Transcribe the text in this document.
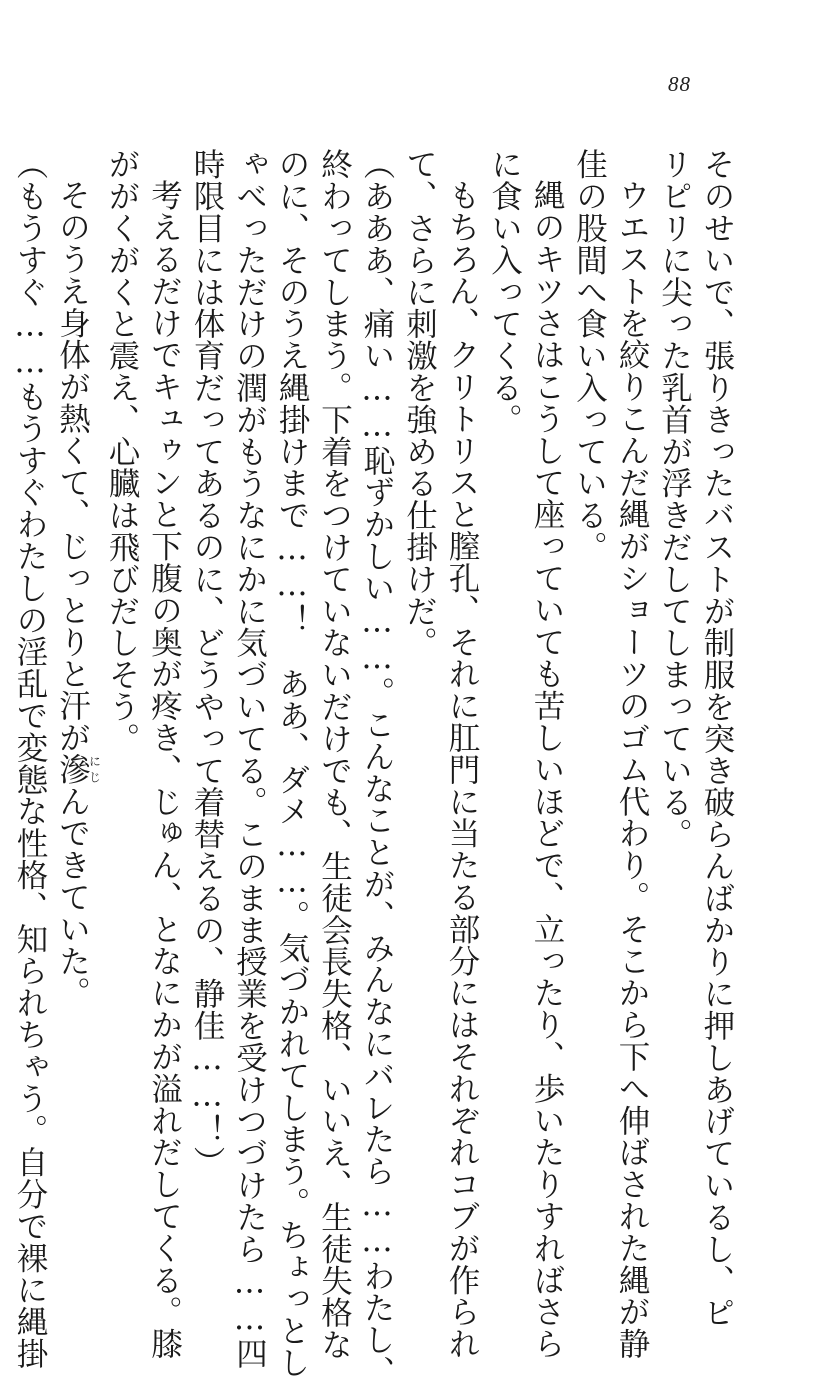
88

そのせいで、張りきったバストが制服を突き破らんばかりに押しあげているし、ピ

リピリに尖った乳首が浮きだしてしまっている。

ウエストを絞りこんだ縄がショーツのゴム代わり。そこから下へ伸ばされた縄が静

佳の股間へ食い入っている。

縄のキツさはこうして座っていても苦しいほどで、立ったり、歩いたりすればさら

に食い入ってくる。

もちろん、クリトリスと膣孔、それに肛門に当たる部分にはそれぞれコブが作られ

て、さらに刺激を強める仕掛けだ。

（あああ、痛い……恥ずかしい……。こんなことが、みんなにバレたら……わたし、

終わってしまう。下着をつけていないだけでも、生徒会長失格、いいえ、生徒失格な

のに、そのうえ縄掛けまで……！　ああ、ダメ……。気づかれてしまう。ちょっとし

ゃべっただけの潤がもうなにかに気づいてる。このまま授業を受けつづけたら……四

時限目には体育だってあるのに、どうやって着替えるの、静佳……！）

考えるだけでキュゥンと下腹の奥が疼き、じゅん、となにかが溢れだしてくる。膝

ががくがくと震え、心臓は飛びだしそう。

そのうえ身体が熱くて、じっとりと汗が滲にじんできていた。

（もうすぐ……もうすぐわたしの淫乱で変態な性格、知られちゃう。自分で裸に縄掛
